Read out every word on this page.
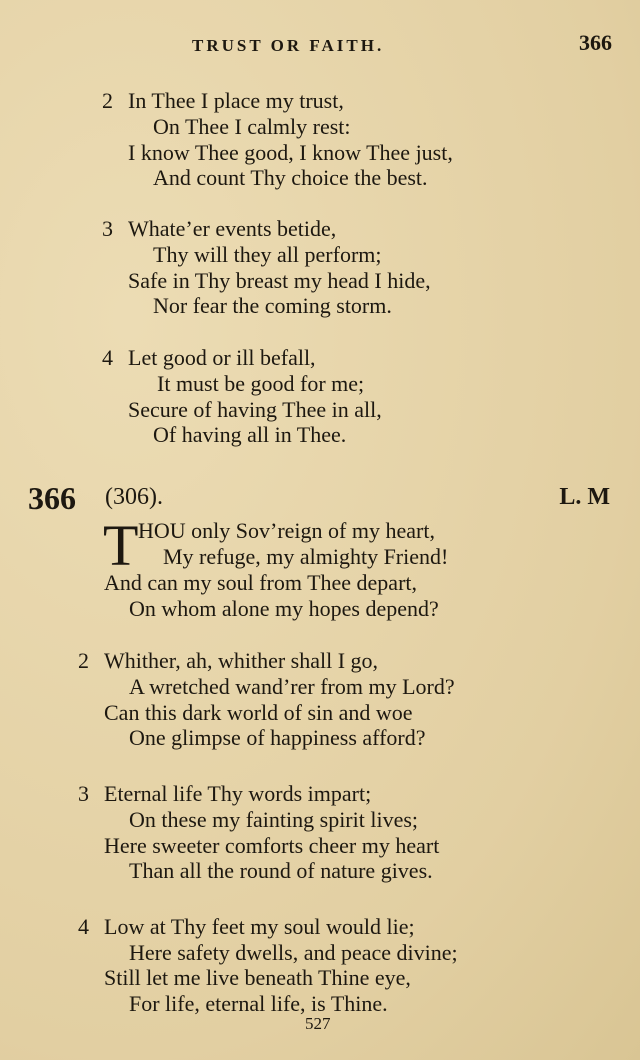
TRUST OR FAITH.	366
2 In Thee I place my trust,
On Thee I calmly rest:
I know Thee good, I know Thee just,
And count Thy choice the best.
3 Whate’er events betide,
Thy will they all perform;
Safe in Thy breast my head I hide,
Nor fear the coming storm.
4 Let good or ill befall,
It must be good for me;
Secure of having Thee in all,
Of having all in Thee.
366 (306).	L. M
T HOU only Sov’reign of my heart,
My refuge, my almighty Friend!
And can my soul from Thee depart,
On whom alone my hopes depend?
2 Whither, ah, whither shall I go,
A wretched wand’rer from my Lord?
Can this dark world of sin and woe
One glimpse of happiness afford?
3 Eternal life Thy words impart;
On these my fainting spirit lives;
Here sweeter comforts cheer my heart
Than all the round of nature gives.
4 Low at Thy feet my soul would lie;
Here safety dwells, and peace divine;
Still let me live beneath Thine eye,
For life, eternal life, is Thine.
527
